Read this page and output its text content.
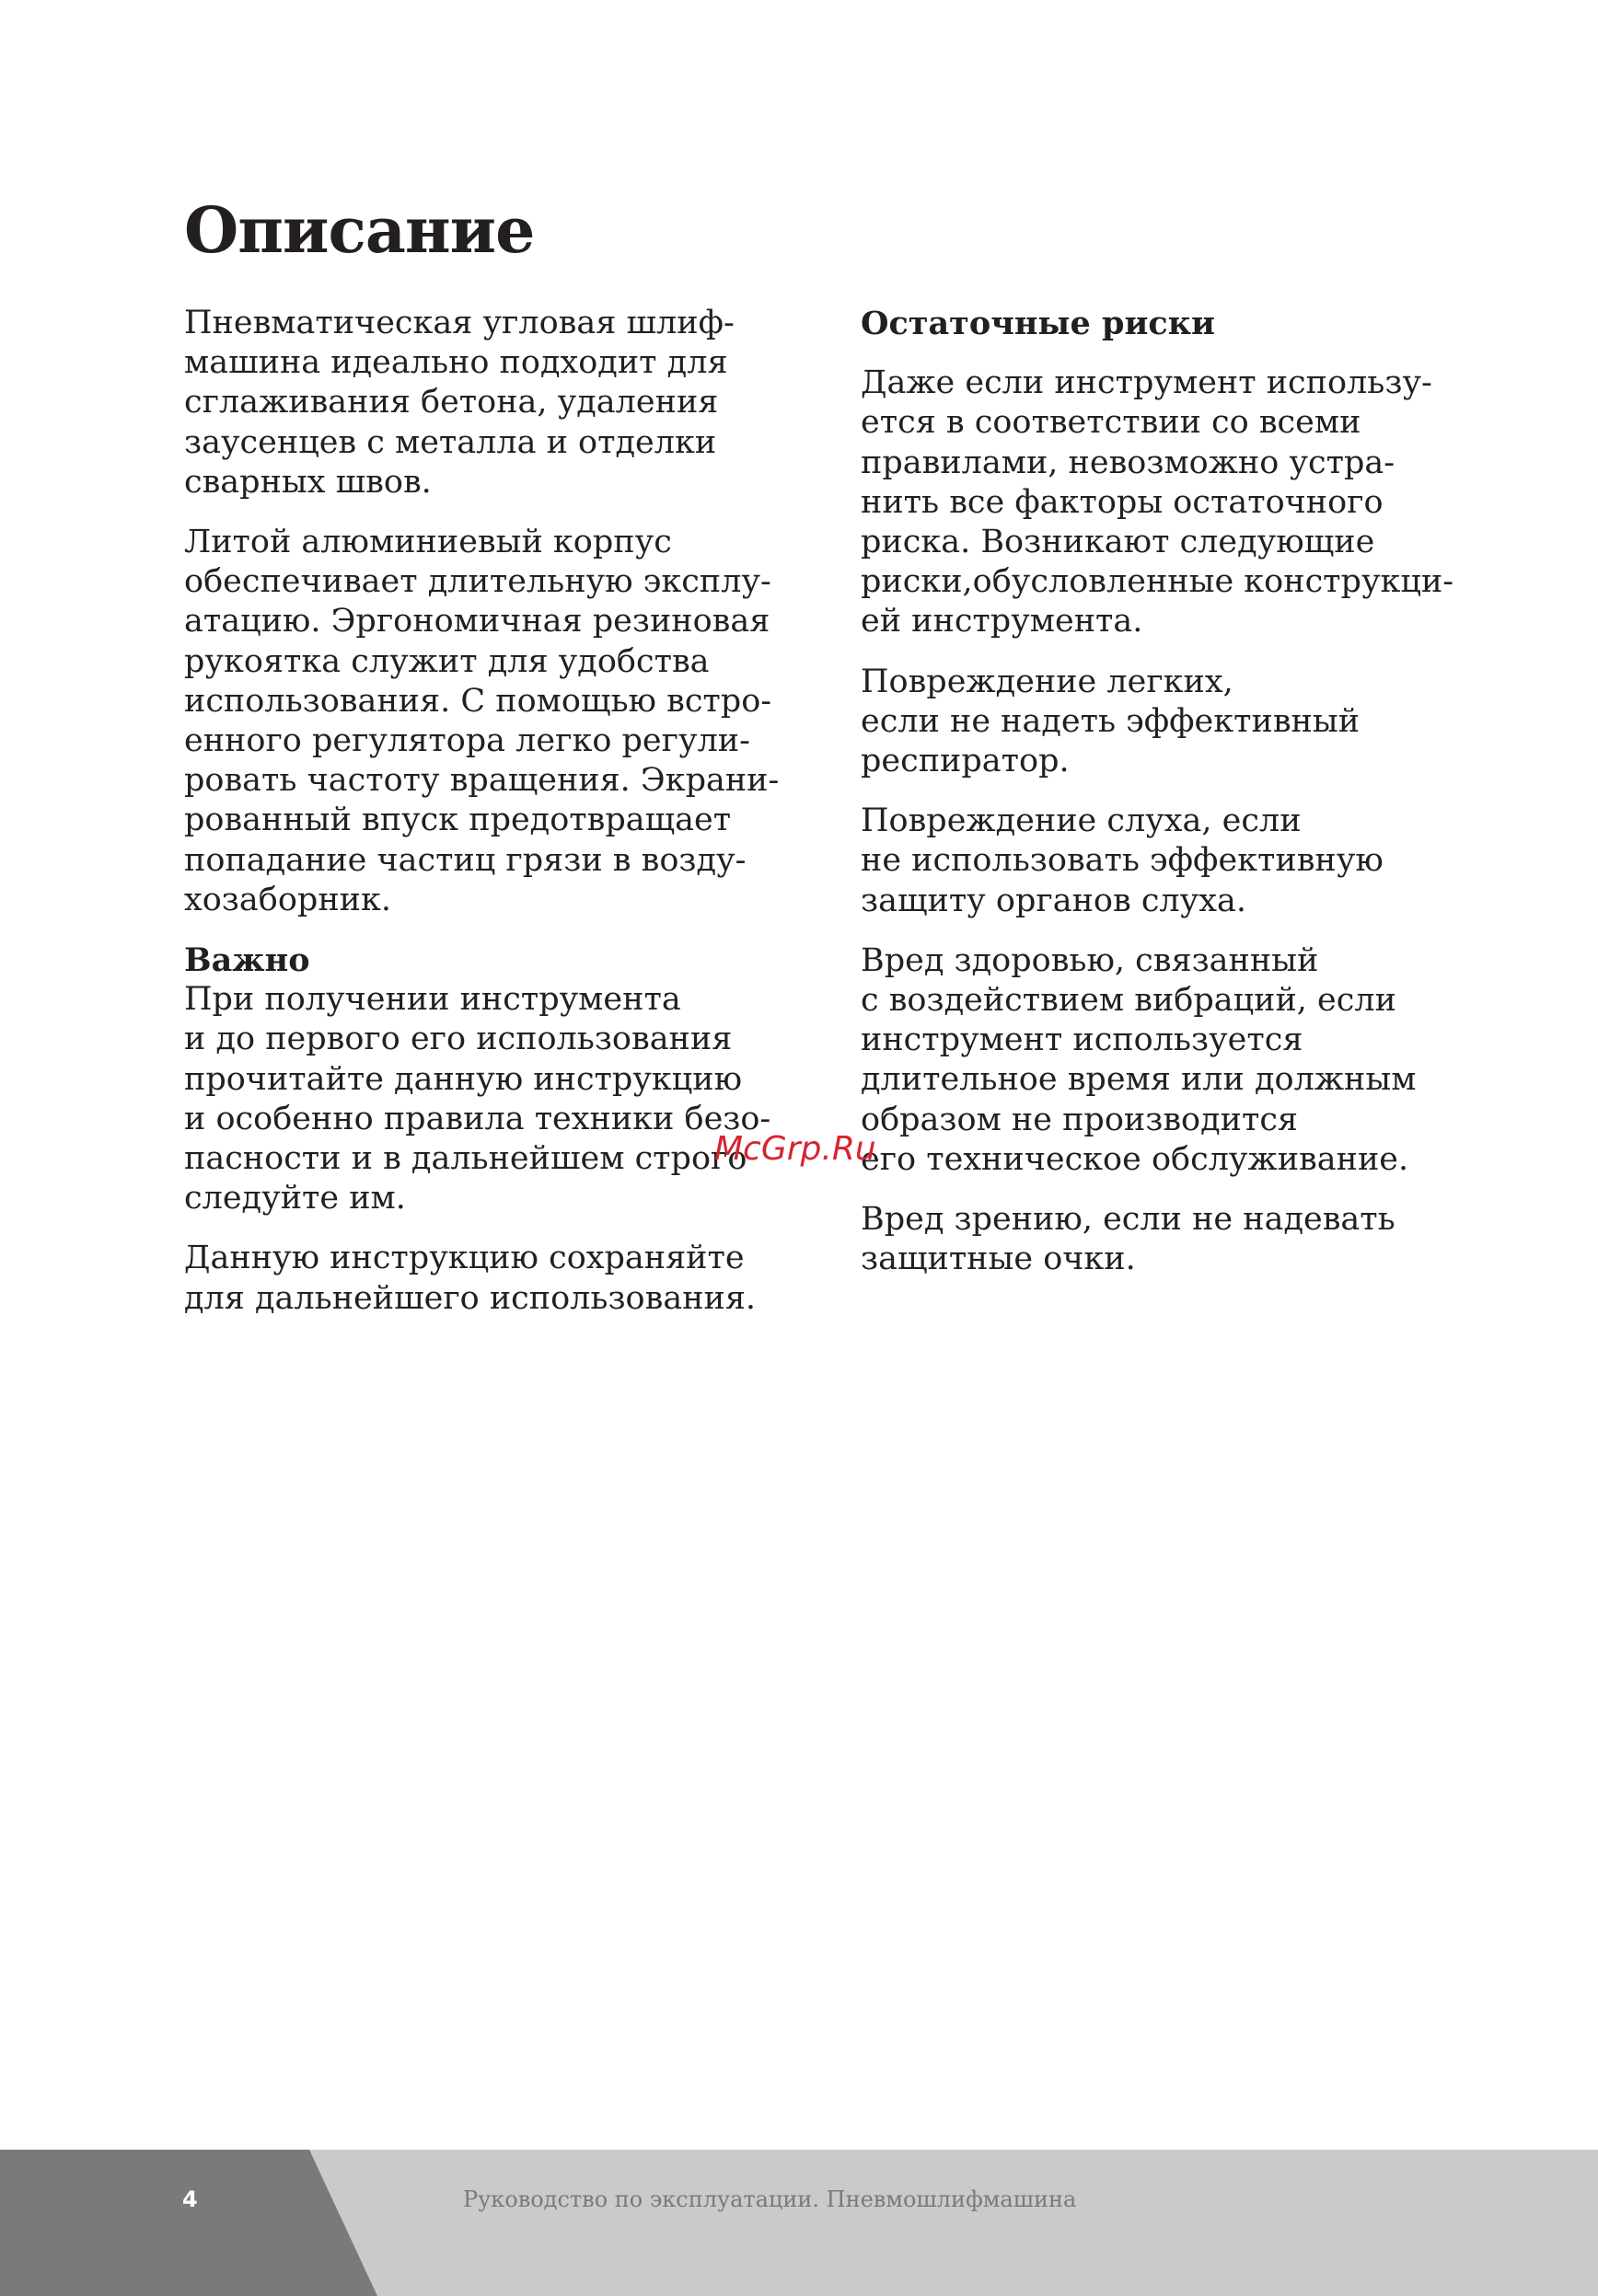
Описание

Пневматическая угловая шлиф-
машина идеально подходит для
сглаживания бетона, удаления
заусенцев с металла и отделки
сварных швов.

Литой алюминиевый корпус
обеспечивает длительную эксплу-
атацию. Эргономичная резиновая
рукоятка служит для удобства
использования. С помощью встро-
енного регулятора легко регули-
ровать частоту вращения. Экрани-
рованный впуск предотвращает
попадание частиц грязи в возду-
хозаборник.

Важно
При получении инструмента
и до первого его использования
прочитайте данную инструкцию
и особенно правила техники безо-
пасности и в дальнейшем строго
следуйте им.

Данную инструкцию сохраняйте
для дальнейшего использования.

Остаточные риски

Даже если инструмент использу-
ется в соответствии со всеми
правилами, невозможно устра-
нить все факторы остаточного
риска. Возникают следующие
риски,обусловленные конструкци-
ей инструмента.

Повреждение легких,
если не надеть эффективный
респиратор.

Повреждение слуха, если
не использовать эффективную
защиту органов слуха.

Вред здоровью, связанный
с воздействием вибраций, если
инструмент используется
длительное время или должным
образом не производится
его техническое обслуживание.

Вред зрению, если не надевать
защитные очки.

McGrp.Ru
4	Руководство по эксплуатации. Пневмошлифмашина
